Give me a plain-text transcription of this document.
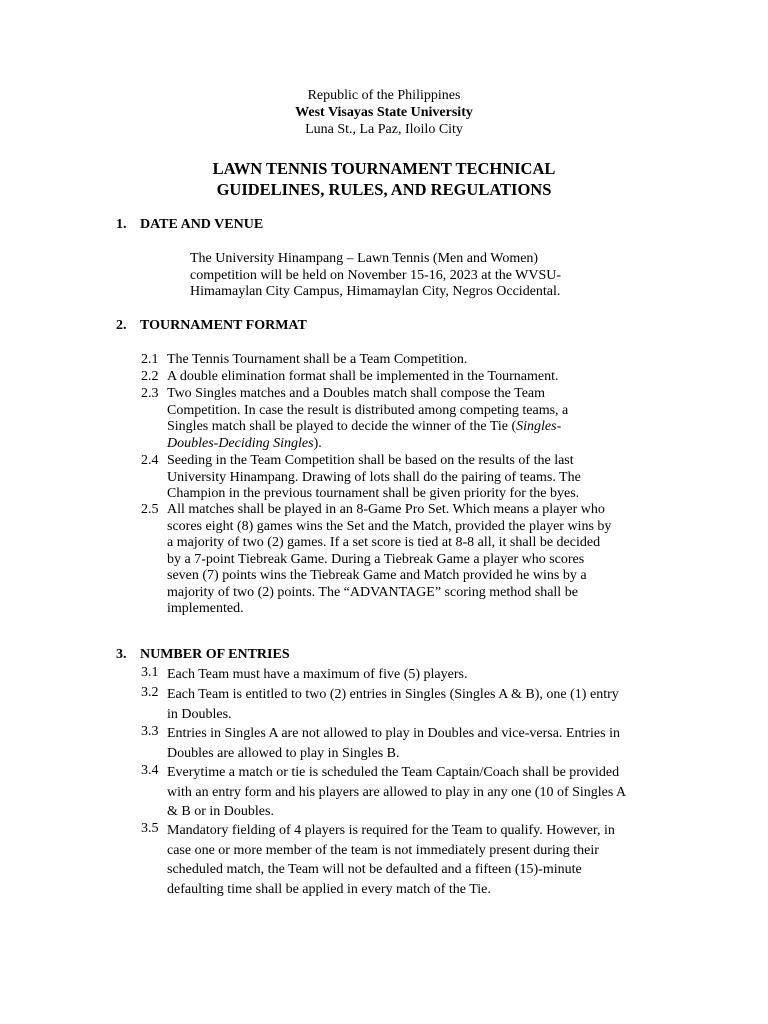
Republic of the Philippines
West Visayas State University
Luna St., La Paz, Iloilo City
LAWN TENNIS TOURNAMENT TECHNICAL
GUIDELINES, RULES, AND REGULATIONS
1. DATE AND VENUE
The University Hinampang – Lawn Tennis (Men and Women)
competition will be held on November 15-16, 2023 at the WVSU-
Himamaylan City Campus, Himamaylan City, Negros Occidental.
2. TOURNAMENT FORMAT
2.1 The Tennis Tournament shall be a Team Competition.
2.2 A double elimination format shall be implemented in the Tournament.
2.3 Two Singles matches and a Doubles match shall compose the Team
Competition. In case the result is distributed among competing teams, a
Singles match shall be played to decide the winner of the Tie (Singles-
Doubles-Deciding Singles).
2.4 Seeding in the Team Competition shall be based on the results of the last
University Hinampang. Drawing of lots shall do the pairing of teams. The
Champion in the previous tournament shall be given priority for the byes.
2.5 All matches shall be played in an 8-Game Pro Set. Which means a player who
scores eight (8) games wins the Set and the Match, provided the player wins by
a majority of two (2) games. If a set score is tied at 8-8 all, it shall be decided
by a 7-point Tiebreak Game. During a Tiebreak Game a player who scores
seven (7) points wins the Tiebreak Game and Match provided he wins by a
majority of two (2) points. The “ADVANTAGE” scoring method shall be
implemented.
3. NUMBER OF ENTRIES
3.1 Each Team must have a maximum of five (5) players.
3.2 Each Team is entitled to two (2) entries in Singles (Singles A & B), one (1) entry
in Doubles.
3.3 Entries in Singles A are not allowed to play in Doubles and vice-versa. Entries in
Doubles are allowed to play in Singles B.
3.4 Everytime a match or tie is scheduled the Team Captain/Coach shall be provided
with an entry form and his players are allowed to play in any one (10 of Singles A
& B or in Doubles.
3.5 Mandatory fielding of 4 players is required for the Team to qualify. However, in
case one or more member of the team is not immediately present during their
scheduled match, the Team will not be defaulted and a fifteen (15)-minute
defaulting time shall be applied in every match of the Tie.
